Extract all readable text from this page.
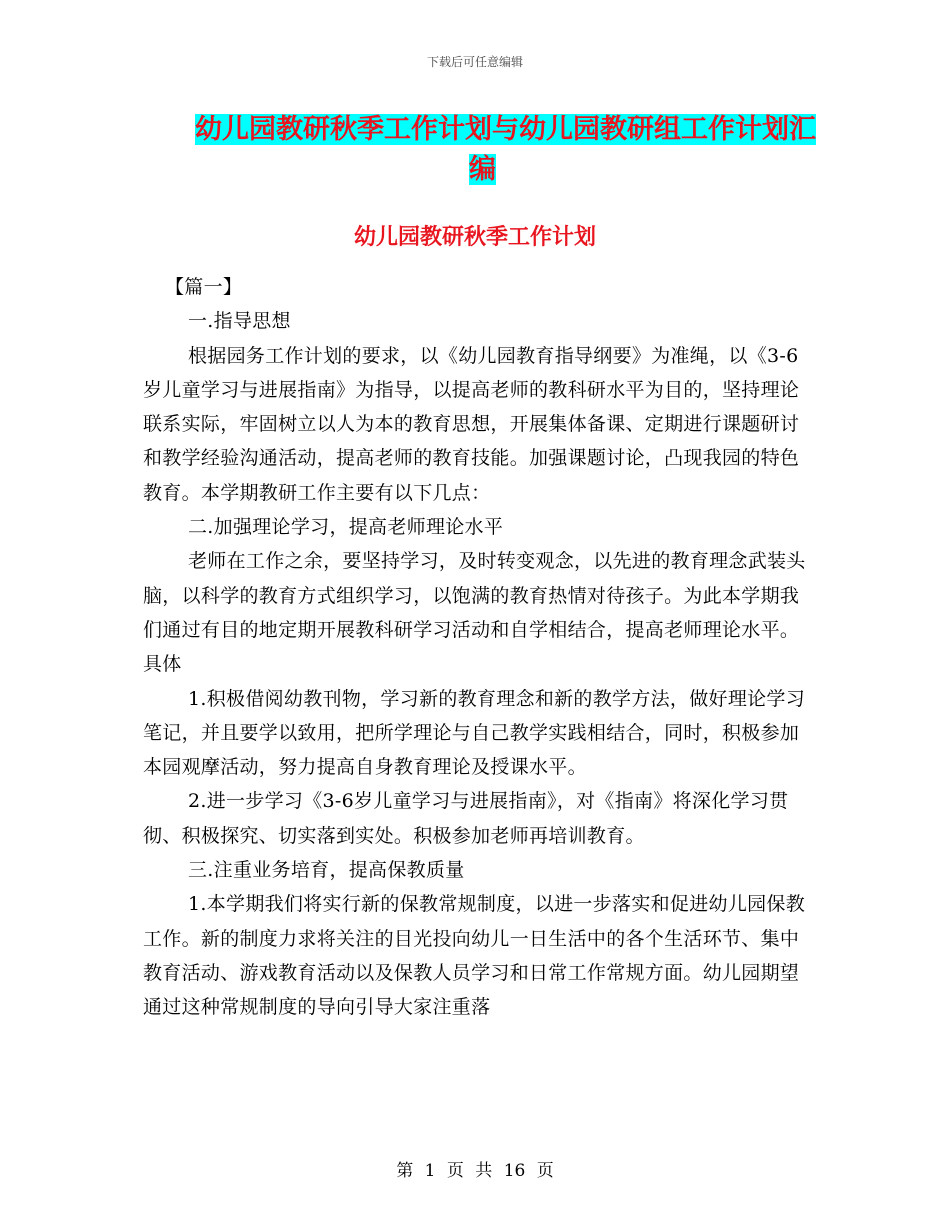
下载后可任意编辑
幼儿园教研秋季工作计划与幼儿园教研组工作计划汇
编
幼儿园教研秋季工作计划

【篇一】

一.指导思想

根据园务工作计划的要求，以《幼儿园教育指导纲要》为准绳，以《3-6岁儿童学习与进展指南》为指导，以提高老师的教科研水平为目的，坚持理论联系实际，牢固树立以人为本的教育思想，开展集体备课、定期进行课题研讨和教学经验沟通活动，提高老师的教育技能。加强课题讨论，凸现我园的特色教育。本学期教研工作主要有以下几点：

二.加强理论学习，提高老师理论水平

老师在工作之余，要坚持学习，及时转变观念，以先进的教育理念武装头脑，以科学的教育方式组织学习，以饱满的教育热情对待孩子。为此本学期我们通过有目的地定期开展教科研学习活动和自学相结合，提高老师理论水平。具体

1.积极借阅幼教刊物，学习新的教育理念和新的教学方法，做好理论学习笔记，并且要学以致用，把所学理论与自己教学实践相结合，同时，积极参加本园观摩活动，努力提高自身教育理论及授课水平。

2.进一步学习《3-6岁儿童学习与进展指南》，对《指南》将深化学习贯彻、积极探究、切实落到实处。积极参加老师再培训教育。

三.注重业务培育，提高保教质量

1.本学期我们将实行新的保教常规制度，以进一步落实和促进幼儿园保教工作。新的制度力求将关注的目光投向幼儿一日生活中的各个生活环节、集中教育活动、游戏教育活动以及保教人员学习和日常工作常规方面。幼儿园期望通过这种常规制度的导向引导大家注重落

第 1 页 共 16 页
